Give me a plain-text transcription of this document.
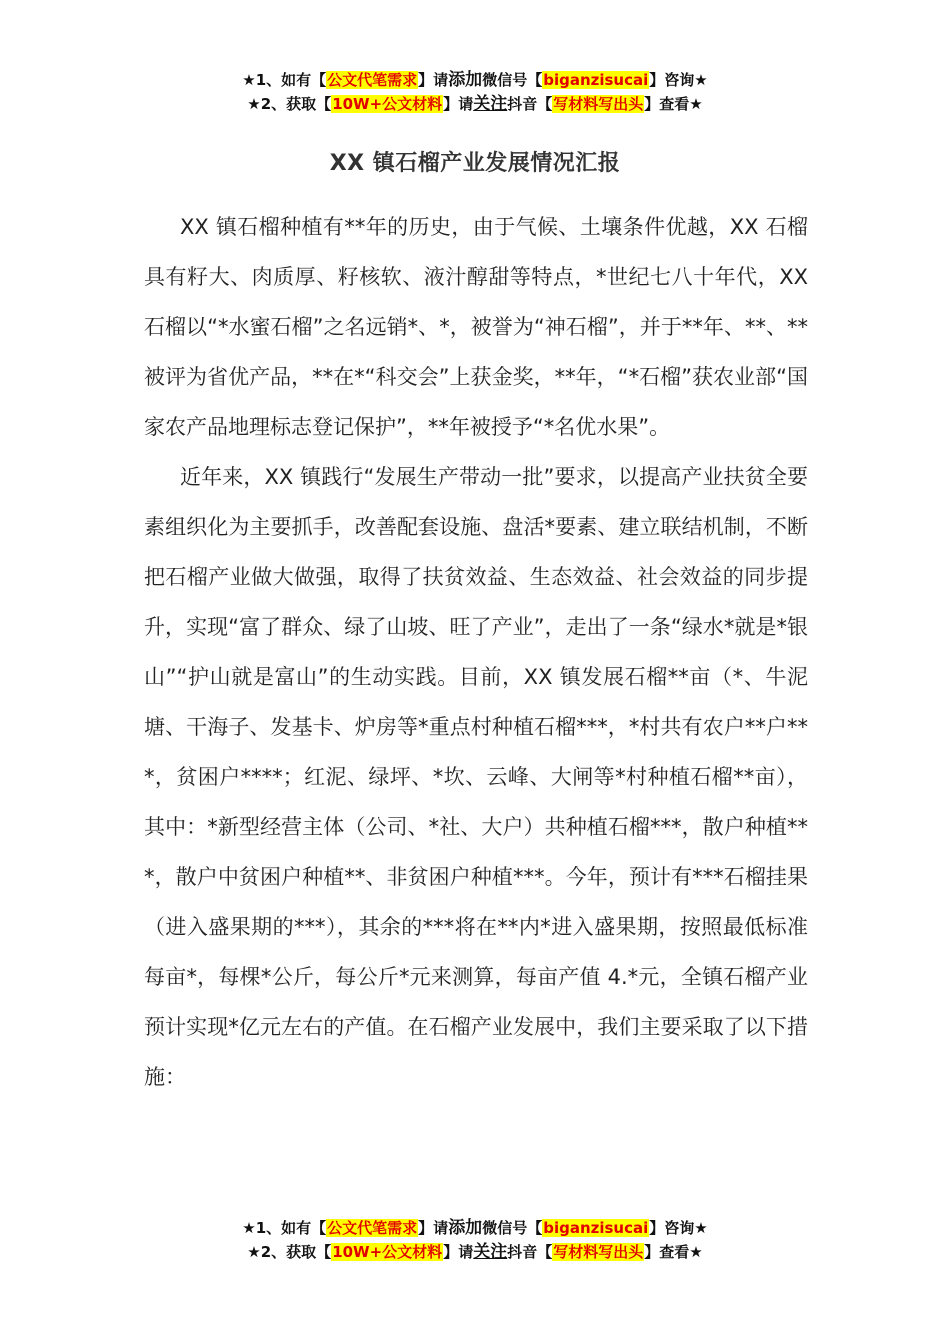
★1、如有【公文代笔需求】请添加微信号【biganzisucai】咨询★
★2、获取【10W+公文材料】请关注抖音【写材料写出头】查看★
XX 镇石榴产业发展情况汇报

XX 镇石榴种植有**年的历史，由于气候、土壤条件优越，XX 石榴具有籽大、肉质厚、籽核软、液汁醇甜等特点，*世纪七八十年代，XX 石榴以“*水蜜石榴”之名远销*、*，被誉为“神石榴”，并于**年、**、**被评为省优产品，**在*“科交会”上获金奖，**年，“*石榴”获农业部“国家农产品地理标志登记保护”，**年被授予“*名优水果”。

近年来，XX 镇践行“发展生产带动一批”要求，以提高产业扶贫全要素组织化为主要抓手，改善配套设施、盘活*要素、建立联结机制，不断把石榴产业做大做强，取得了扶贫效益、生态效益、社会效益的同步提升，实现“富了群众、绿了山坡、旺了产业”，走出了一条“绿水*就是*银山”“护山就是富山”的生动实践。目前，XX 镇发展石榴**亩（*、牛泥塘、干海子、发基卡、炉房等*重点村种植石榴***，*村共有农户**户***，贫困户****；红泥、绿坪、*坎、云峰、大闸等*村种植石榴**亩），其中：*新型经营主体（公司、*社、大户）共种植石榴***，散户种植***，散户中贫困户种植**、非贫困户种植***。今年，预计有***石榴挂果（进入盛果期的***），其余的***将在**内*进入盛果期，按照最低标准每亩*，每棵*公斤，每公斤*元来测算，每亩产值 4.*元，全镇石榴产业预计实现*亿元左右的产值。在石榴产业发展中，我们主要采取了以下措施：

★1、如有【公文代笔需求】请添加微信号【biganzisucai】咨询★
★2、获取【10W+公文材料】请关注抖音【写材料写出头】查看★
